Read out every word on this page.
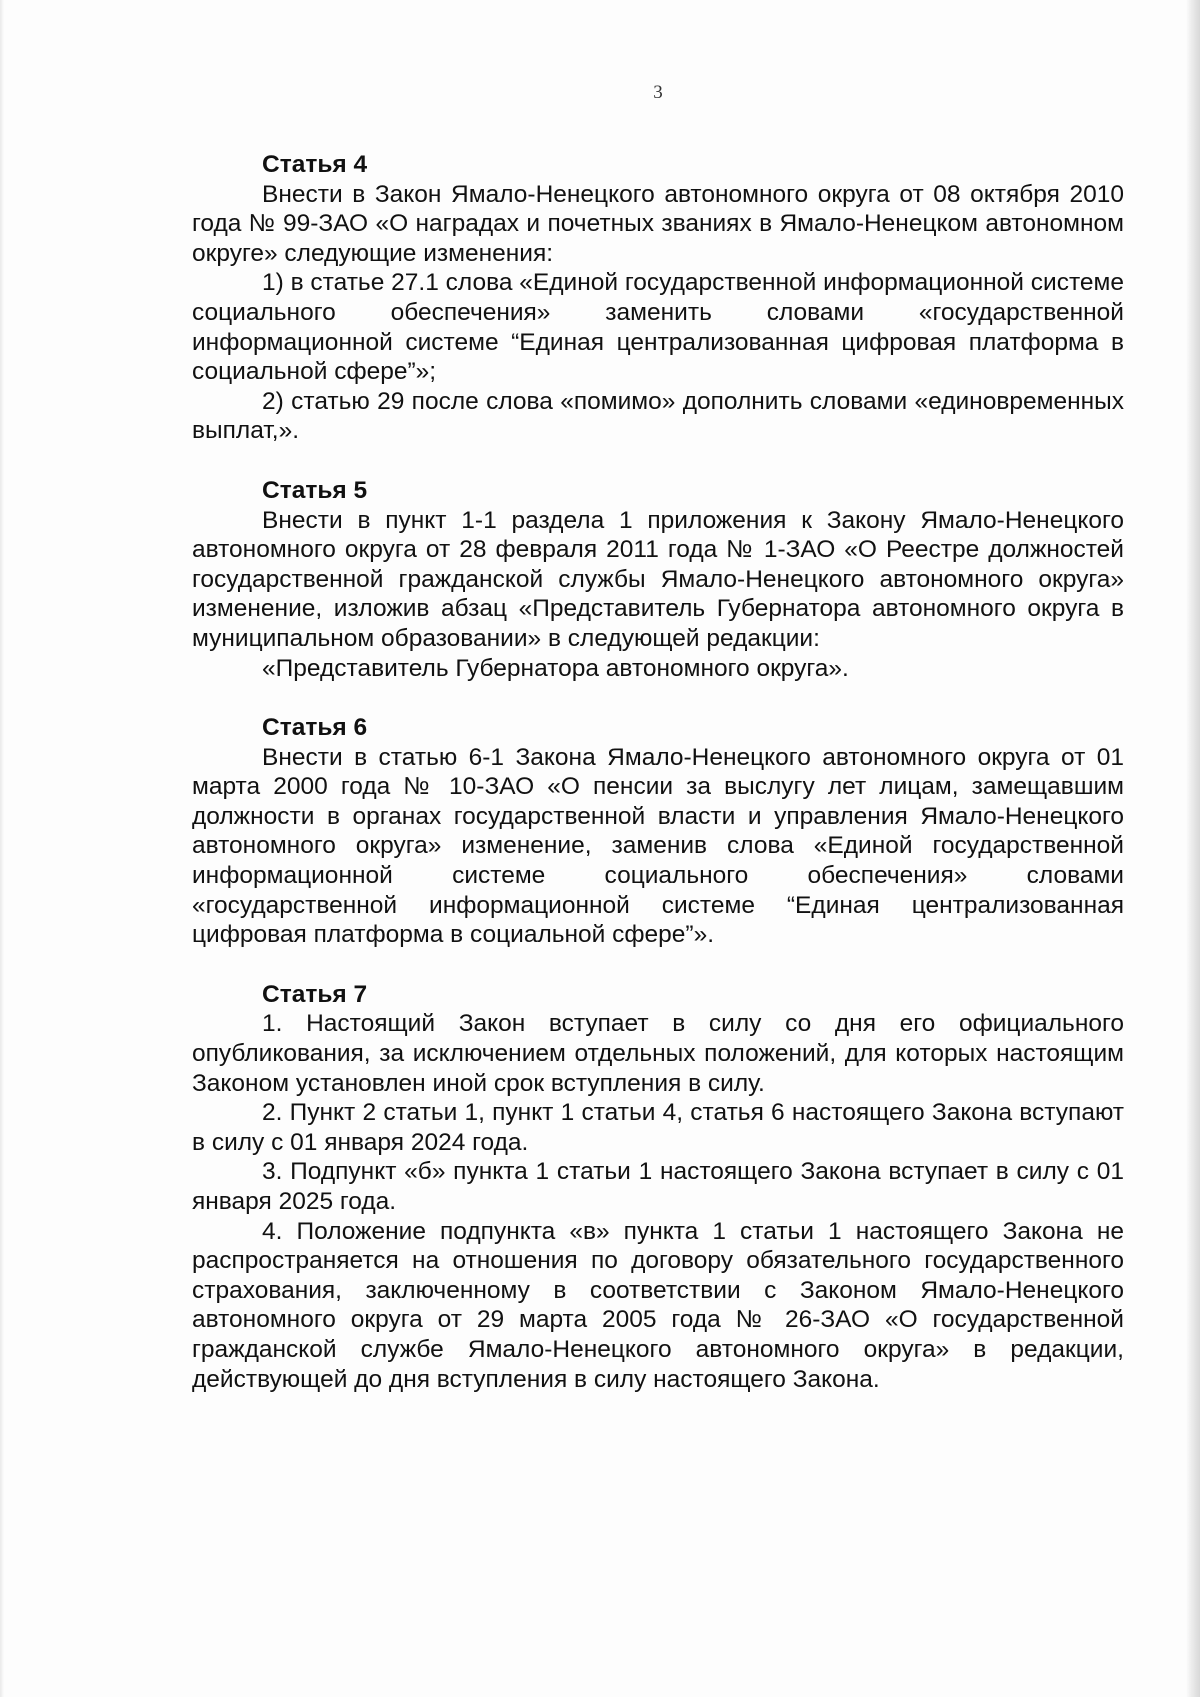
3

Статья 4

Внести в Закон Ямало-Ненецкого автономного округа от 08 октября 2010 года № 99-ЗАО «О наградах и почетных званиях в Ямало-Ненецком автономном округе» следующие изменения:

1) в статье 27.1 слова «Единой государственной информационной системе социального обеспечения» заменить словами «государственной информационной системе “Единая централизованная цифровая платформа в социальной сфере”»;

2) статью 29 после слова «помимо» дополнить словами «единовременных выплат,».

Статья 5

Внести в пункт 1-1 раздела 1 приложения к Закону Ямало-Ненецкого автономного округа от 28 февраля 2011 года № 1-ЗАО «О Реестре должностей государственной гражданской службы Ямало-Ненецкого автономного округа» изменение, изложив абзац «Представитель Губернатора автономного округа в муниципальном образовании» в следующей редакции:

«Представитель Губернатора автономного округа».

Статья 6

Внести в статью 6-1 Закона Ямало-Ненецкого автономного округа от 01 марта 2000 года № 10-ЗАО «О пенсии за выслугу лет лицам, замещавшим должности в органах государственной власти и управления Ямало-Ненецкого автономного округа» изменение, заменив слова «Единой государственной информационной системе социального обеспечения» словами «государственной информационной системе “Единая централизованная цифровая платформа в социальной сфере”».

Статья 7

1. Настоящий Закон вступает в силу со дня его официального опубликования, за исключением отдельных положений, для которых настоящим Законом установлен иной срок вступления в силу.

2. Пункт 2 статьи 1, пункт 1 статьи 4, статья 6 настоящего Закона вступают в силу с 01 января 2024 года.

3. Подпункт «б» пункта 1 статьи 1 настоящего Закона вступает в силу с 01 января 2025 года.

4. Положение подпункта «в» пункта 1 статьи 1 настоящего Закона не распространяется на отношения по договору обязательного государственного страхования, заключенному в соответствии с Законом Ямало-Ненецкого автономного округа от 29 марта 2005 года № 26-ЗАО «О государственной гражданской службе Ямало-Ненецкого автономного округа» в редакции, действующей до дня вступления в силу настоящего Закона.
